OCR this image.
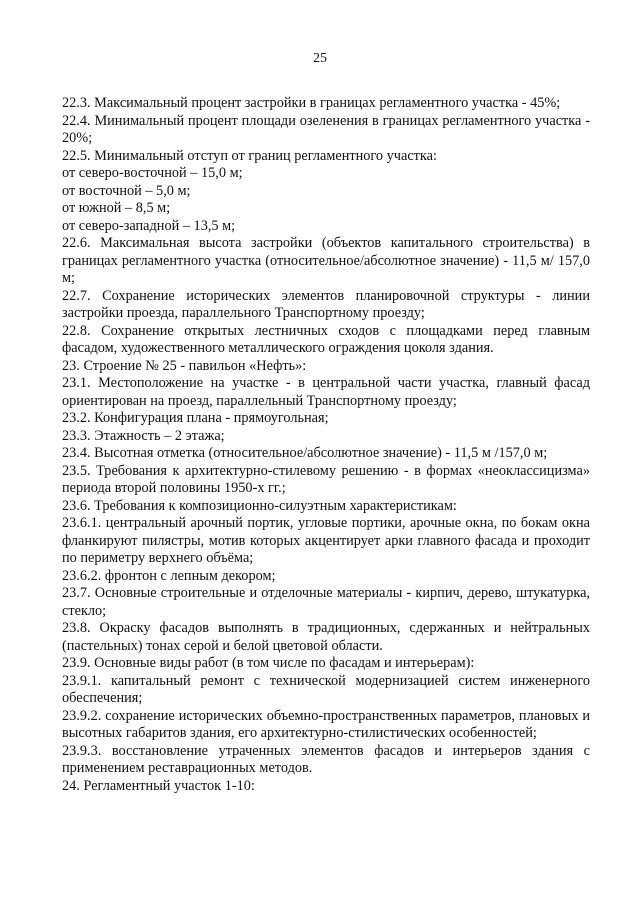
25

22.3. Максимальный процент застройки в границах регламентного участка - 45%;

22.4. Минимальный процент площади озеленения в границах регламентного участка - 20%;

22.5. Минимальный отступ от границ регламентного участка:

от северо-восточной – 15,0 м;

от восточной – 5,0 м;

от южной – 8,5 м;

от северо-западной – 13,5 м;

22.6. Максимальная высота застройки (объектов капитального строительства) в границах регламентного участка (относительное/абсолютное значение) - 11,5 м/ 157,0 м;

22.7. Сохранение исторических элементов планировочной структуры - линии застройки проезда, параллельного Транспортному проезду;

22.8. Сохранение открытых лестничных сходов с площадками перед главным фасадом, художественного металлического ограждения цоколя здания.

23. Строение № 25 - павильон «Нефть»:

23.1. Местоположение на участке - в центральной части участка, главный фасад ориентирован на проезд, параллельный Транспортному проезду;

23.2. Конфигурация плана - прямоугольная;

23.3. Этажность – 2 этажа;

23.4. Высотная отметка (относительное/абсолютное значение) - 11,5 м /157,0 м;

23.5. Требования к архитектурно-стилевому решению - в формах «неоклассицизма» периода второй половины 1950-х гг.;

23.6. Требования к композиционно-силуэтным характеристикам:

23.6.1. центральный арочный портик, угловые портики, арочные окна, по бокам окна фланкируют пилястры, мотив которых акцентирует арки главного фасада и проходит по периметру верхнего объёма;

23.6.2. фронтон с лепным декором;

23.7. Основные строительные и отделочные материалы - кирпич, дерево, штукатурка, стекло;

23.8. Окраску фасадов выполнять в традиционных, сдержанных и нейтральных (пастельных) тонах серой и белой цветовой области.

23.9. Основные виды работ (в том числе по фасадам и интерьерам):

23.9.1. капитальный ремонт с технической модернизацией систем инженерного обеспечения;

23.9.2. сохранение исторических объемно-пространственных параметров, плановых и высотных габаритов здания, его архитектурно-стилистических особенностей;

23.9.3. восстановление утраченных элементов фасадов и интерьеров здания с применением реставрационных методов.

24. Регламентный участок 1-10:
